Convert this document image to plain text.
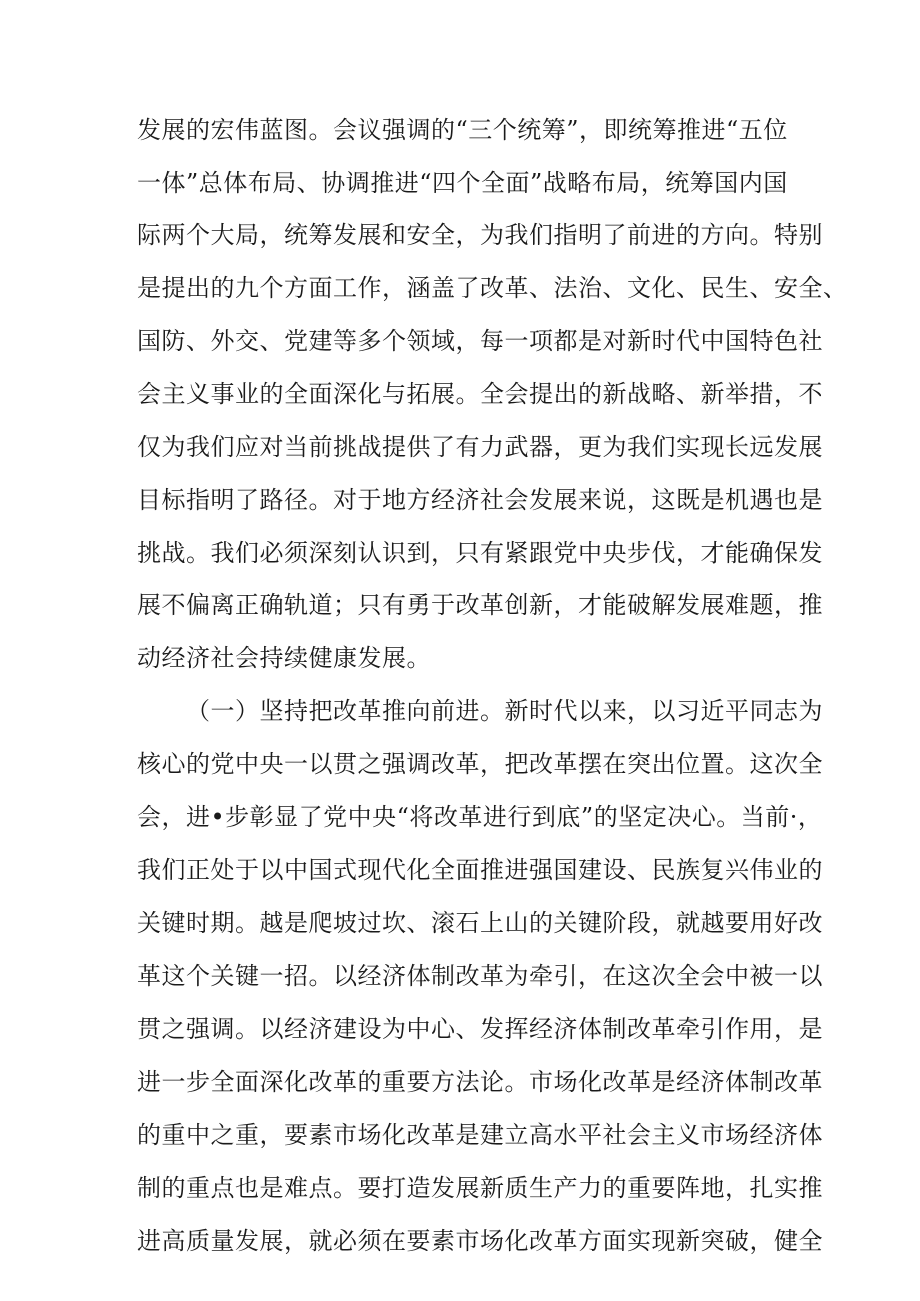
发展的宏伟蓝图。会议强调的“三个统筹”，即统筹推进“五位
一体”总体布局、协调推进“四个全面”战略布局，统筹国内国
际两个大局，统筹发展和安全，为我们指明了前进的方向。特别
是提出的九个方面工作，涵盖了改革、法治、文化、民生、安全、
国防、外交、党建等多个领域，每一项都是对新时代中国特色社
会主义事业的全面深化与拓展。全会提出的新战略、新举措，不
仅为我们应对当前挑战提供了有力武器，更为我们实现长远发展
目标指明了路径。对于地方经济社会发展来说，这既是机遇也是
挑战。我们必须深刻认识到，只有紧跟党中央步伐，才能确保发
展不偏离正确轨道；只有勇于改革创新，才能破解发展难题，推
动经济社会持续健康发展。
（一）坚持把改革推向前进。新时代以来，以习近平同志为
核心的党中央一以贯之强调改革，把改革摆在突出位置。这次全
会，进•步彰显了党中央“将改革进行到底”的坚定决心。当前·，
我们正处于以中国式现代化全面推进强国建设、民族复兴伟业的
关键时期。越是爬坡过坎、滚石上山的关键阶段，就越要用好改
革这个关键一招。以经济体制改革为牵引，在这次全会中被一以
贯之强调。以经济建设为中心、发挥经济体制改革牵引作用，是
进一步全面深化改革的重要方法论。市场化改革是经济体制改革
的重中之重，要素市场化改革是建立高水平社会主义市场经济体
制的重点也是难点。要打造发展新质生产力的重要阵地，扎实推
进高质量发展，就必须在要素市场化改革方面实现新突破，健全
